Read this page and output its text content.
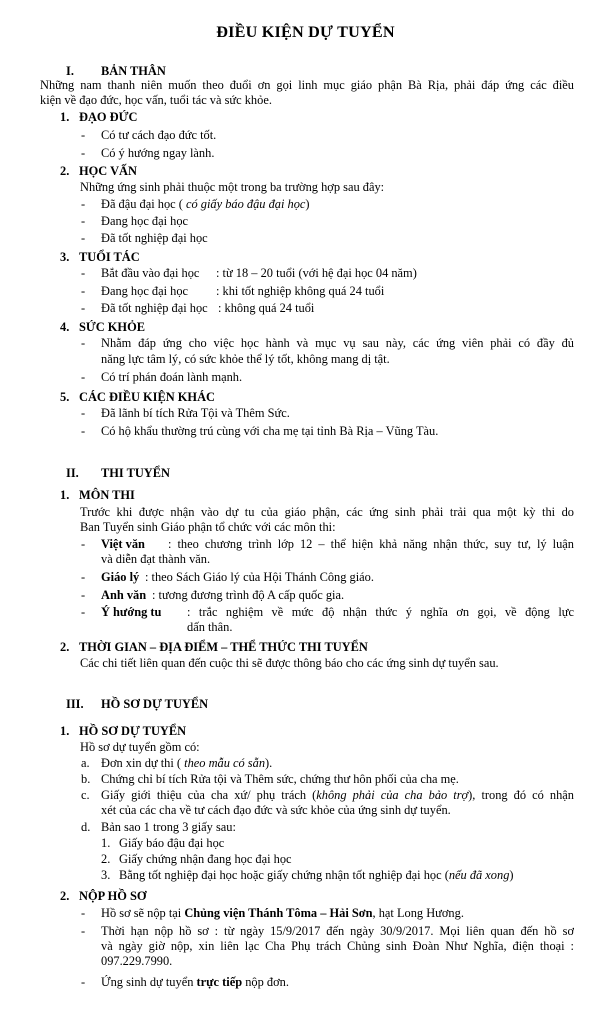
ĐIỀU KIỆN DỰ TUYỂN
I. BẢN THÂN
Những nam thanh niên muốn theo đuổi ơn gọi linh mục giáo phận Bà Rịa, phải đáp ứng các điều
kiện về đạo đức, học vấn, tuổi tác và sức khỏe.
1. ĐẠO ĐỨC
- Có tư cách đạo đức tốt.
- Có ý hướng ngay lành.
2. HỌC VẤN
Những ứng sinh phải thuộc một trong ba trường hợp sau đây:
- Đã đậu đại học ( có giấy báo đậu đại học)
- Đang học đại học
- Đã tốt nghiệp đại học
3. TUỔI TÁC
- Bắt đầu vào đại học : từ 18 – 20 tuổi (với hệ đại học 04 năm)
- Đang học đại học : khi tốt nghiệp không quá 24 tuổi
- Đã tốt nghiệp đại học : không quá 24 tuổi
4. SỨC KHỎE
- Nhằm đáp ứng cho việc học hành và mục vụ sau này, các ứng viên phải có đầy đủ
năng lực tâm lý, có sức khỏe thể lý tốt, không mang dị tật.
- Có trí phán đoán lành mạnh.
5. CÁC ĐIỀU KIỆN KHÁC
- Đã lãnh bí tích Rửa Tội và Thêm Sức.
- Có hộ khẩu thường trú cùng với cha mẹ tại tỉnh Bà Rịa – Vũng Tàu.
II. THI TUYỂN
1. MÔN THI
Trước khi được nhận vào dự tu của giáo phận, các ứng sinh phải trải qua một kỳ thi do
Ban Tuyển sinh Giáo phận tổ chức với các môn thi:
- Việt văn : theo chương trình lớp 12 – thể hiện khả năng nhận thức, suy tư, lý luận
và diễn đạt thành văn.
- Giáo lý : theo Sách Giáo lý của Hội Thánh Công giáo.
- Anh văn : tương đương trình độ A cấp quốc gia.
- Ý hướng tu : trắc nghiệm về mức độ nhận thức ý nghĩa ơn gọi, về động lực
dấn thân.
2. THỜI GIAN – ĐỊA ĐIỂM – THỂ THỨC THI TUYỂN
Các chi tiết liên quan đến cuộc thi sẽ được thông báo cho các ứng sinh dự tuyển sau.
III. HỒ SƠ DỰ TUYỂN
1. HỒ SƠ DỰ TUYỂN
Hồ sơ dự tuyển gồm có:
a. Đơn xin dự thi ( theo mẫu có sẵn).
b. Chứng chỉ bí tích Rửa tội và Thêm sức, chứng thư hôn phối của cha mẹ.
c. Giấy giới thiệu của cha xứ/ phụ trách (không phải của cha bảo trợ), trong đó có nhận
xét của các cha về tư cách đạo đức và sức khỏe của ứng sinh dự tuyển.
d. Bản sao 1 trong 3 giấy sau:
1. Giấy báo đậu đại học
2. Giấy chứng nhận đang học đại học
3. Bằng tốt nghiệp đại học hoặc giấy chứng nhận tốt nghiệp đại học (nếu đã xong)
2. NỘP HỒ SƠ
- Hồ sơ sẽ nộp tại Chủng viện Thánh Tôma – Hải Sơn, hạt Long Hương.
- Thời hạn nộp hồ sơ : từ ngày 15/9/2017 đến ngày 30/9/2017. Mọi liên quan đến hồ sơ
và ngày giờ nộp, xin liên lạc Cha Phụ trách Chủng sinh Đoàn Như Nghĩa, điện thoại :
097.229.7990.
- Ứng sinh dự tuyển trực tiếp nộp đơn.
